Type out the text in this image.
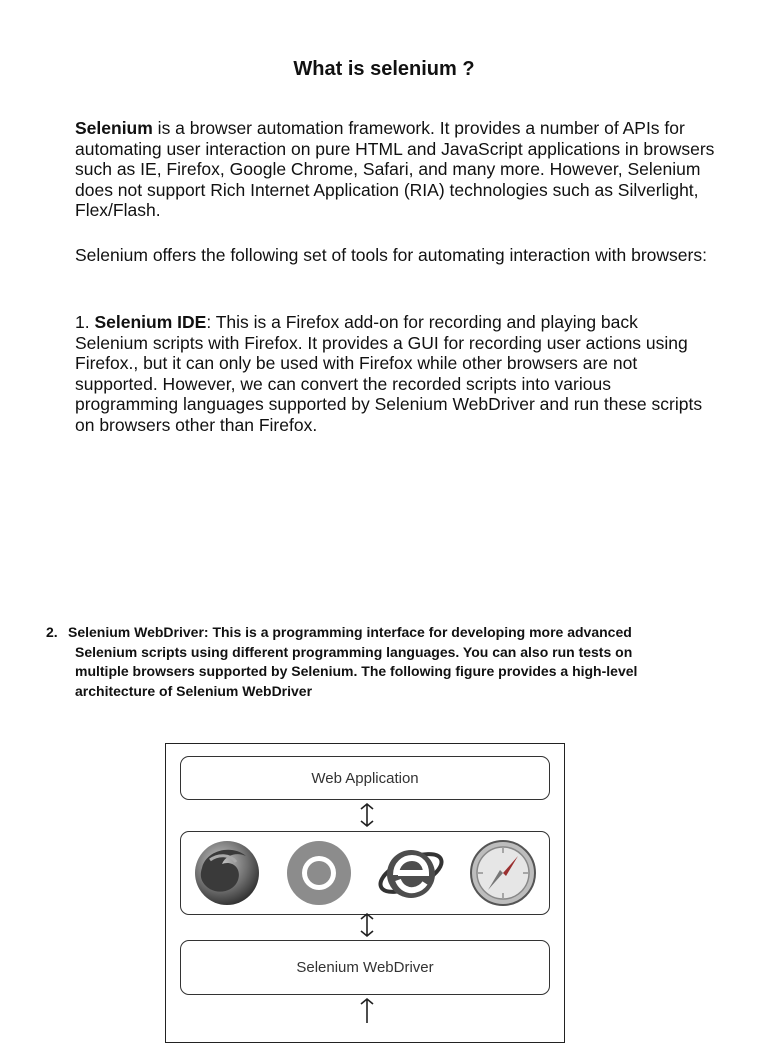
What is selenium ?

Selenium is a browser automation framework. It provides a number of APIs for automating user interaction on pure HTML and JavaScript applications in browsers such as IE, Firefox, Google Chrome, Safari, and many more. However, Selenium does not support Rich Internet Application (RIA) technologies such as Silverlight, Flex/Flash.

Selenium offers the following set of tools for automating interaction with browsers:

1. Selenium IDE: This is a Firefox add-on for recording and playing back Selenium scripts with Firefox. It provides a GUI for recording user actions using Firefox., but it can only be used with Firefox while other browsers are not supported. However, we can convert the recorded scripts into various programming languages supported by Selenium WebDriver and run these scripts on browsers other than Firefox.

2. Selenium WebDriver: This is a programming interface for developing more advanced
Selenium scripts using different programming languages. You can also run tests on
multiple browsers supported by Selenium. The following figure provides a high-level
architecture of Selenium WebDriver
Web Application
Selenium WebDriver
